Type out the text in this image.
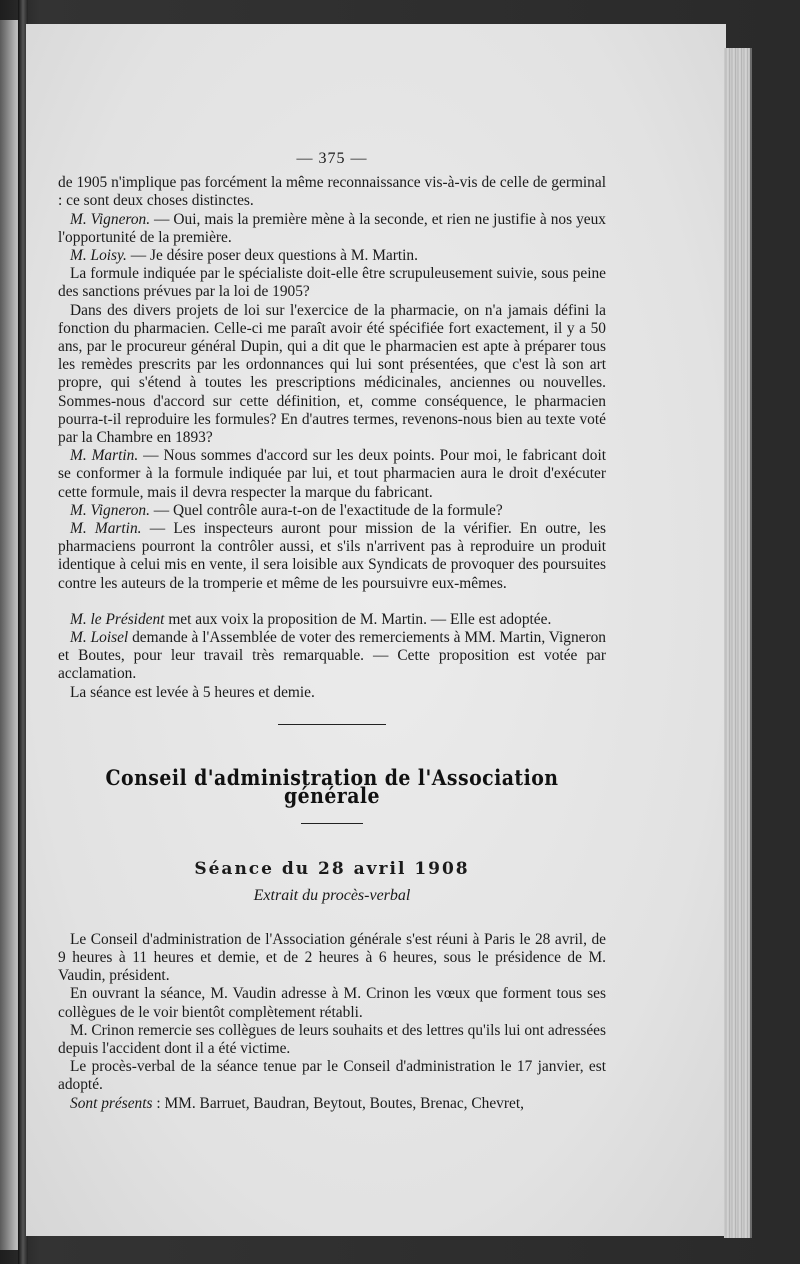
— 375 —

de 1905 n'implique pas forcément la même reconnaissance vis-à-vis de celle de germinal : ce sont deux choses distinctes.

M. Vigneron. — Oui, mais la première mène à la seconde, et rien ne justifie à nos yeux l'opportunité de la première.

M. Loisy. — Je désire poser deux questions à M. Martin.

La formule indiquée par le spécialiste doit-elle être scrupuleusement suivie, sous peine des sanctions prévues par la loi de 1905?

Dans des divers projets de loi sur l'exercice de la pharmacie, on n'a jamais défini la fonction du pharmacien. Celle-ci me paraît avoir été spécifiée fort exactement, il y a 50 ans, par le procureur général Dupin, qui a dit que le pharmacien est apte à préparer tous les remèdes prescrits par les ordonnances qui lui sont présentées, que c'est là son art propre, qui s'étend à toutes les prescriptions médicinales, anciennes ou nouvelles. Sommes-nous d'accord sur cette définition, et, comme conséquence, le pharmacien pourra-t-il reproduire les formules? En d'autres termes, revenons-nous bien au texte voté par la Chambre en 1893?

M. Martin. — Nous sommes d'accord sur les deux points. Pour moi, le fabricant doit se conformer à la formule indiquée par lui, et tout pharmacien aura le droit d'exécuter cette formule, mais il devra respecter la marque du fabricant.

M. Vigneron. — Quel contrôle aura-t-on de l'exactitude de la formule?

M. Martin. — Les inspecteurs auront pour mission de la vérifier. En outre, les pharmaciens pourront la contrôler aussi, et s'ils n'arrivent pas à reproduire un produit identique à celui mis en vente, il sera loisible aux Syndicats de provoquer des poursuites contre les auteurs de la tromperie et même de les poursuivre eux-mêmes.

M. le Président met aux voix la proposition de M. Martin. — Elle est adoptée.

M. Loisel demande à l'Assemblée de voter des remerciements à MM. Martin, Vigneron et Boutes, pour leur travail très remarquable. — Cette proposition est votée par acclamation.

La séance est levée à 5 heures et demie.

Conseil d'administration de l'Association générale
Séance du 28 avril 1908
Extrait du procès-verbal

Le Conseil d'administration de l'Association générale s'est réuni à Paris le 28 avril, de 9 heures à 11 heures et demie, et de 2 heures à 6 heures, sous le présidence de M. Vaudin, président.

En ouvrant la séance, M. Vaudin adresse à M. Crinon les vœux que forment tous ses collègues de le voir bientôt complètement rétabli.

M. Crinon remercie ses collègues de leurs souhaits et des lettres qu'ils lui ont adressées depuis l'accident dont il a été victime.

Le procès-verbal de la séance tenue par le Conseil d'administration le 17 janvier, est adopté.

Sont présents : MM. Barruet, Baudran, Beytout, Boutes, Brenac, Chevret,
